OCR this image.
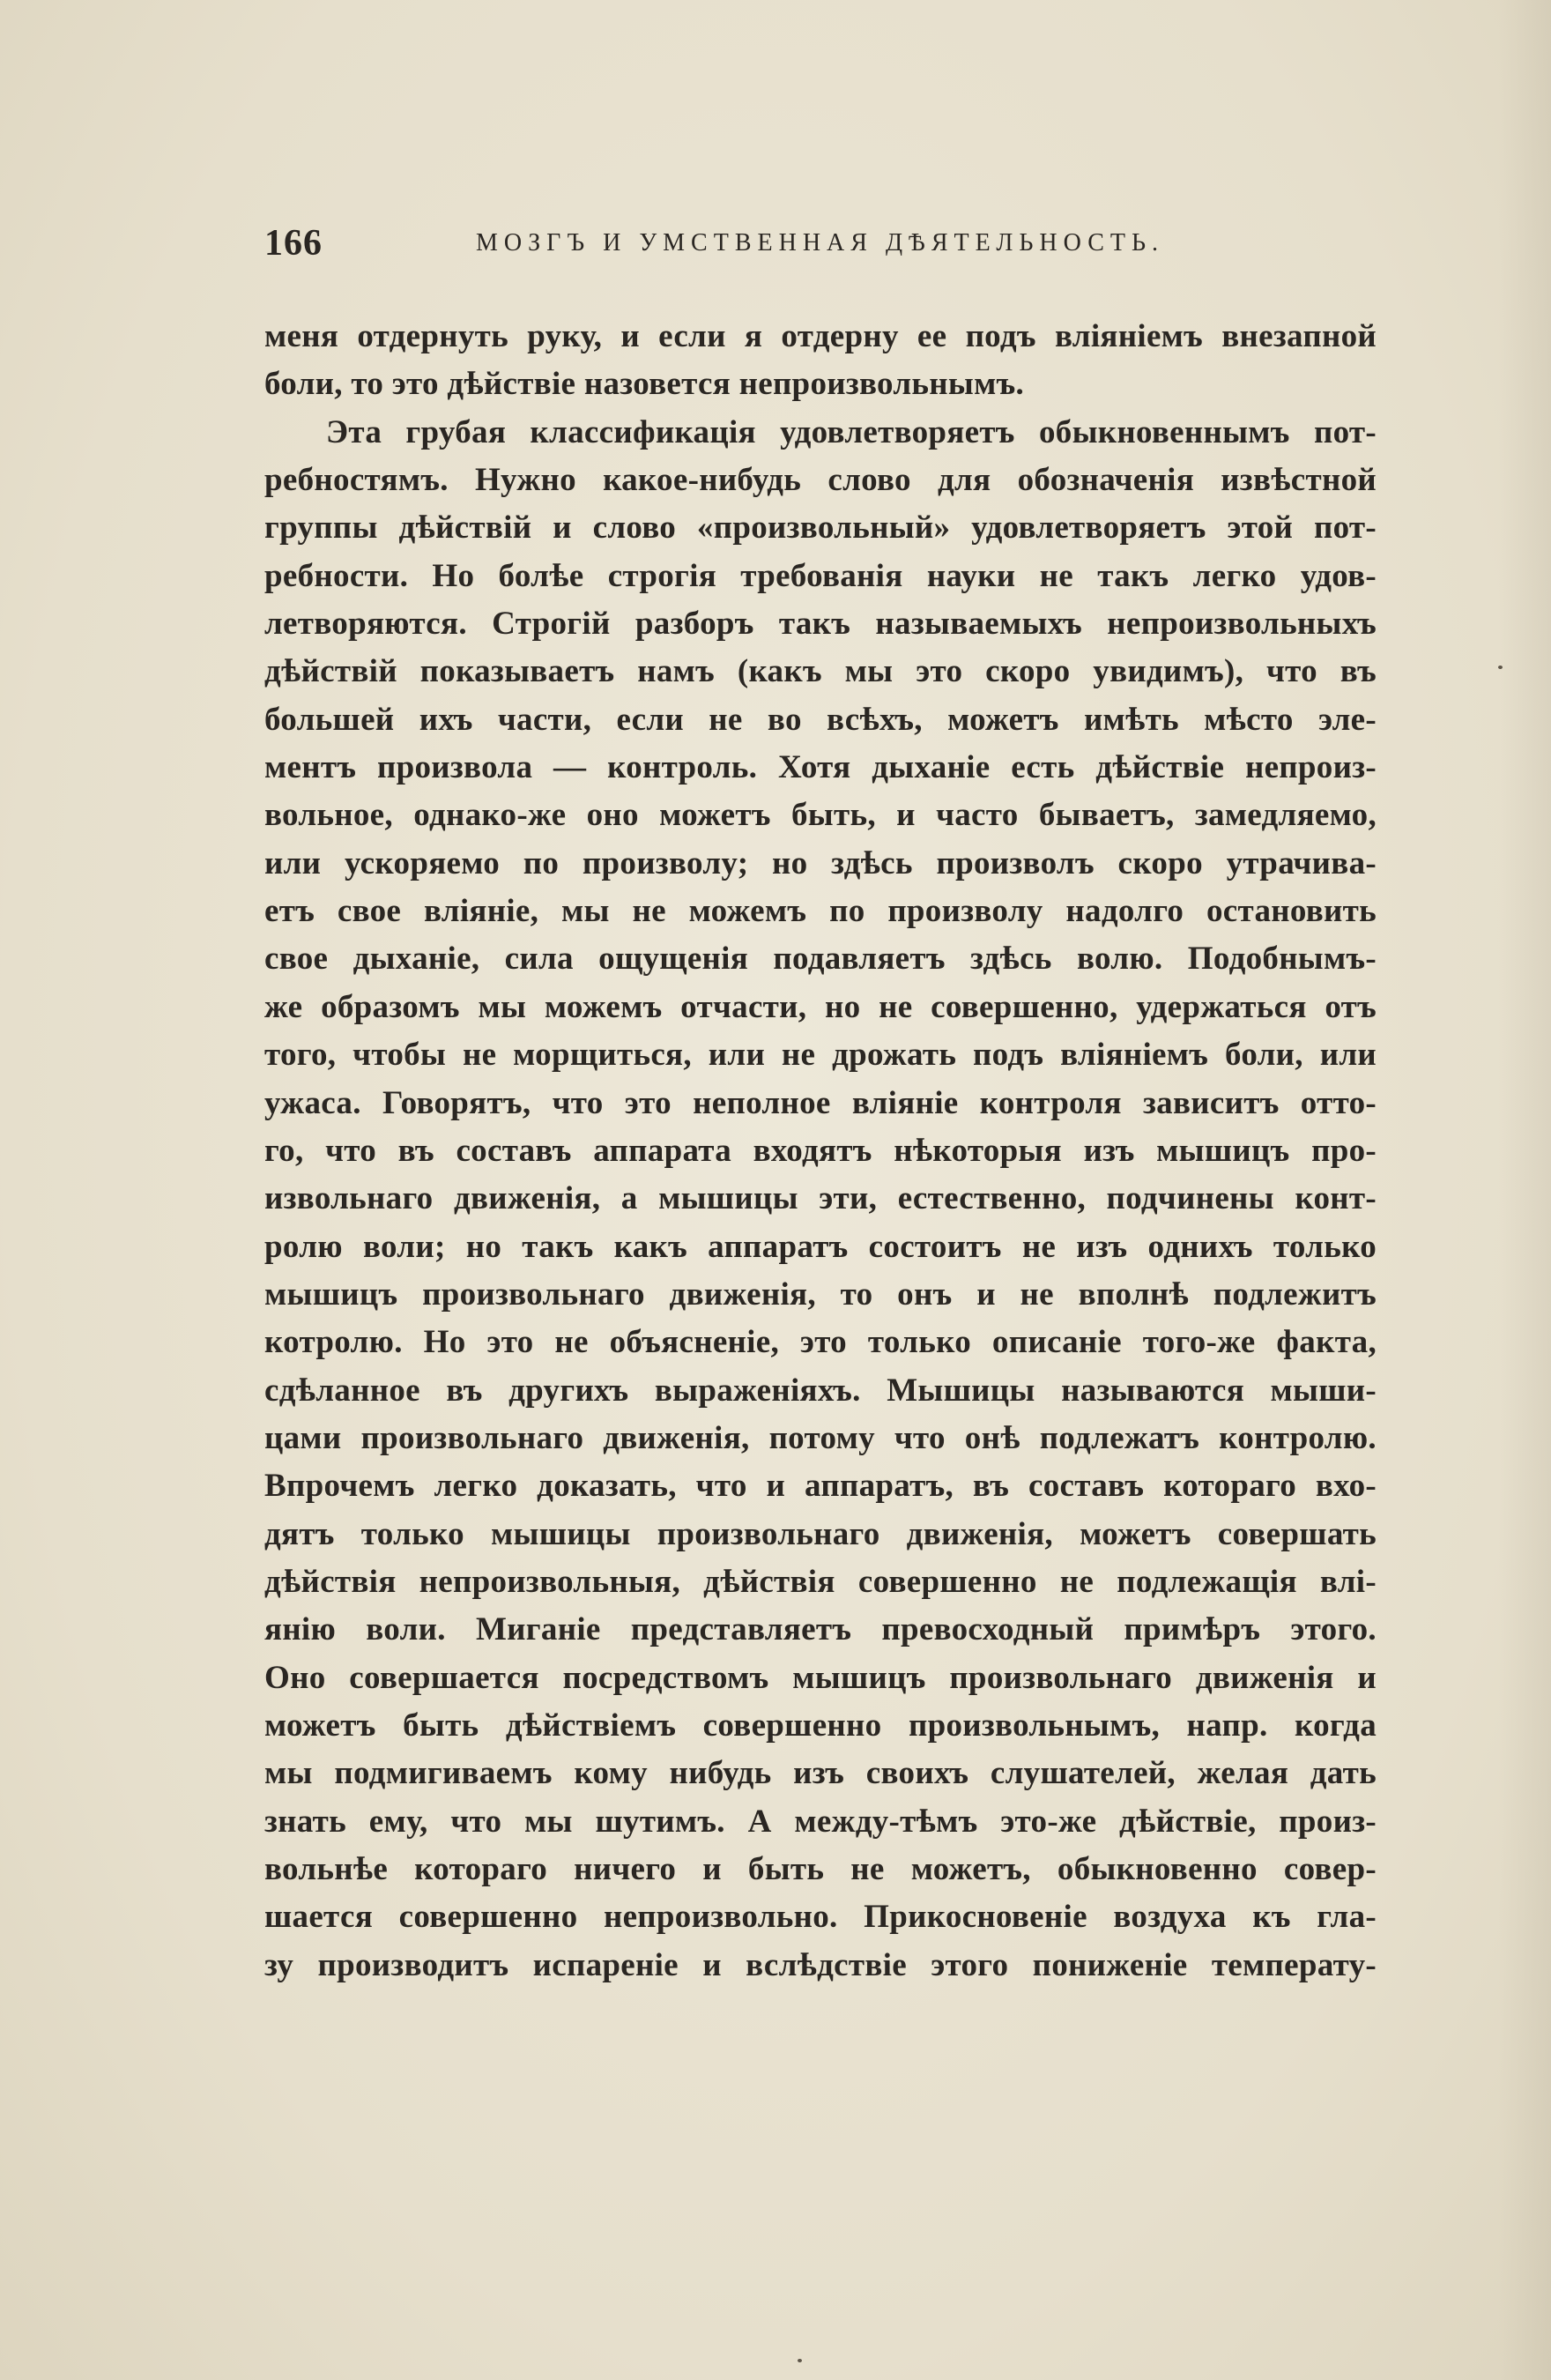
166	МОЗГЪ И УМСТВЕННАЯ ДѢЯТЕЛЬНОСТЬ.
меня отдернуть руку, и если я отдерну ее подъ вліяніемъ внезапной
боли, то это дѣйствіе назовется непроизвольнымъ.
Эта грубая классификація удовлетворяетъ обыкновеннымъ пот-
ребностямъ. Нужно какое-нибудь слово для обозначенія извѣстной
группы дѣйствій и слово «произвольный» удовлетворяетъ этой пот-
ребности. Но болѣе строгія требованія науки не такъ легко удов-
летворяются. Строгій разборъ такъ называемыхъ непроизвольныхъ
дѣйствій показываетъ намъ (какъ мы это скоро увидимъ), что въ
большей ихъ части, если не во всѣхъ, можетъ имѣть мѣсто эле-
ментъ произвола — контроль. Хотя дыханіе есть дѣйствіе непроиз-
вольное, однако-же оно можетъ быть, и часто бываетъ, замедляемо,
или ускоряемо по произволу; но здѣсь произволъ скоро утрачива-
етъ свое вліяніе, мы не можемъ по произволу надолго остановить
свое дыханіе, сила ощущенія подавляетъ здѣсь волю. Подобнымъ-
же образомъ мы можемъ отчасти, но не совершенно, удержаться отъ
того, чтобы не морщиться, или не дрожать подъ вліяніемъ боли, или
ужаса. Говорятъ, что это неполное вліяніе контроля зависитъ отто-
го, что въ составъ аппарата входятъ нѣкоторыя изъ мышицъ про-
извольнаго движенія, а мышицы эти, естественно, подчинены конт-
ролю воли; но такъ какъ аппаратъ состоитъ не изъ однихъ только
мышицъ произвольнаго движенія, то онъ и не вполнѣ подлежитъ
котролю. Но это не объясненіе, это только описаніе того-же факта,
сдѣланное въ другихъ выраженіяхъ. Мышицы называются мыши-
цами произвольнаго движенія, потому что онѣ подлежатъ контролю.
Впрочемъ легко доказать, что и аппаратъ, въ составъ котораго вхо-
дятъ только мышицы произвольнаго движенія, можетъ совершать
дѣйствія непроизвольныя, дѣйствія совершенно не подлежащія влі-
янію воли. Миганіе представляетъ превосходный примѣръ этого.
Оно совершается посредствомъ мышицъ произвольнаго движенія и
можетъ быть дѣйствіемъ совершенно произвольнымъ, напр. когда
мы подмигиваемъ кому нибудь изъ своихъ слушателей, желая дать
знать ему, что мы шутимъ. А между-тѣмъ это-же дѣйствіе, произ-
вольнѣе котораго ничего и быть не можетъ, обыкновенно совер-
шается совершенно непроизвольно. Прикосновеніе воздуха къ гла-
зу производитъ испареніе и вслѣдствіе этого пониженіе температу-
